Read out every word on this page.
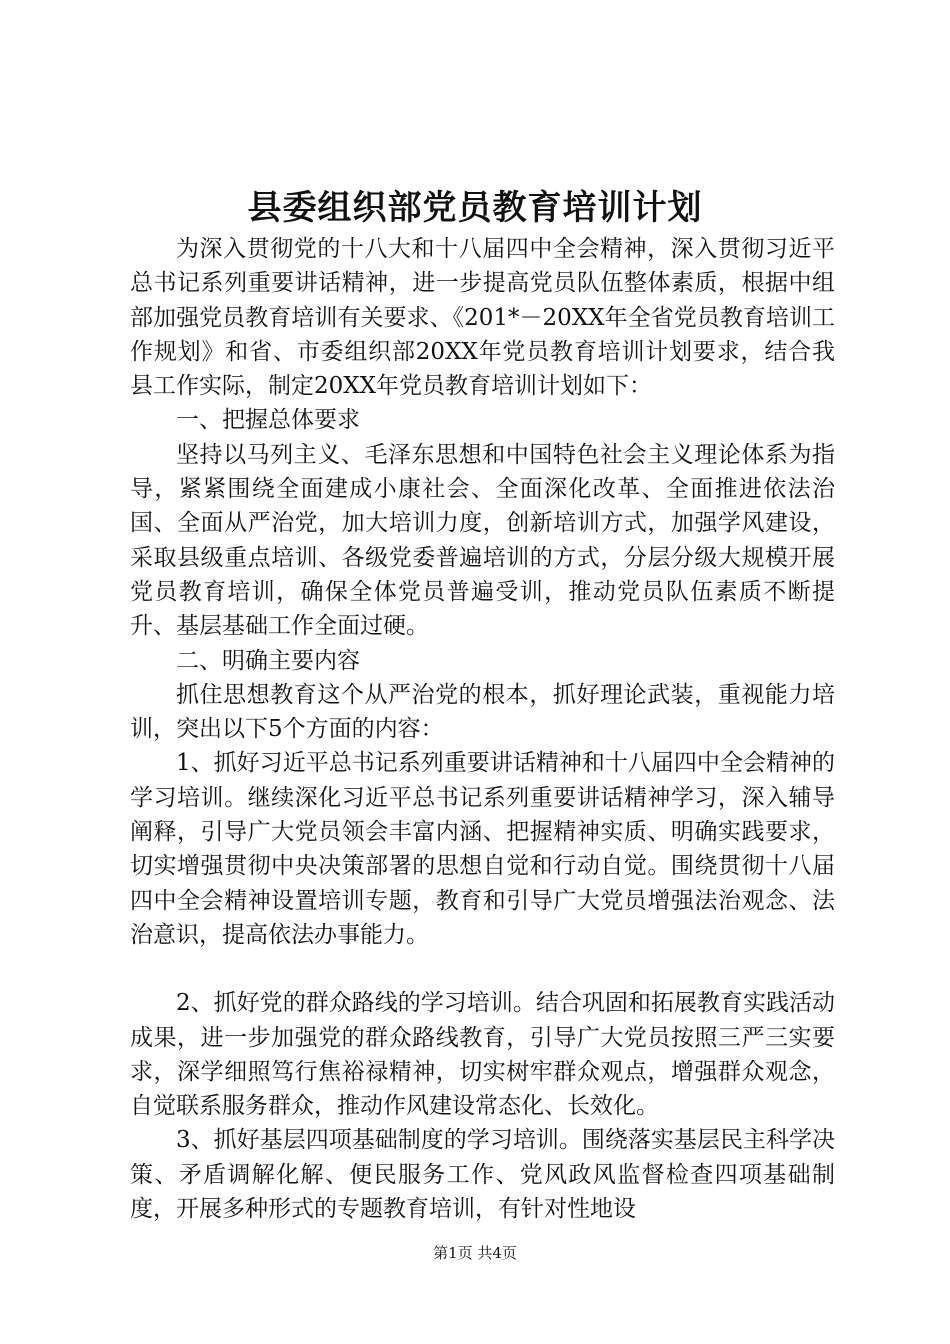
县委组织部党员教育培训计划

为深入贯彻党的十八大和十八届四中全会精神，深入贯彻习近平总书记系列重要讲话精神，进一步提高党员队伍整体素质，根据中组部加强党员教育培训有关要求、《201*－20XX年全省党员教育培训工作规划》和省、市委组织部20XX年党员教育培训计划要求，结合我县工作实际，制定20XX年党员教育培训计划如下：

一、把握总体要求

坚持以马列主义、毛泽东思想和中国特色社会主义理论体系为指导，紧紧围绕全面建成小康社会、全面深化改革、全面推进依法治国、全面从严治党，加大培训力度，创新培训方式，加强学风建设，采取县级重点培训、各级党委普遍培训的方式，分层分级大规模开展党员教育培训，确保全体党员普遍受训，推动党员队伍素质不断提升、基层基础工作全面过硬。

二、明确主要内容

抓住思想教育这个从严治党的根本，抓好理论武装，重视能力培训，突出以下5个方面的内容：

1、抓好习近平总书记系列重要讲话精神和十八届四中全会精神的学习培训。继续深化习近平总书记系列重要讲话精神学习，深入辅导阐释，引导广大党员领会丰富内涵、把握精神实质、明确实践要求，切实增强贯彻中央决策部署的思想自觉和行动自觉。围绕贯彻十八届四中全会精神设置培训专题，教育和引导广大党员增强法治观念、法治意识，提高依法办事能力。

2、抓好党的群众路线的学习培训。结合巩固和拓展教育实践活动成果，进一步加强党的群众路线教育，引导广大党员按照三严三实要求，深学细照笃行焦裕禄精神，切实树牢群众观点，增强群众观念，自觉联系服务群众，推动作风建设常态化、长效化。

3、抓好基层四项基础制度的学习培训。围绕落实基层民主科学决策、矛盾调解化解、便民服务工作、党风政风监督检查四项基础制度，开展多种形式的专题教育培训，有针对性地设

第1页 共4页
